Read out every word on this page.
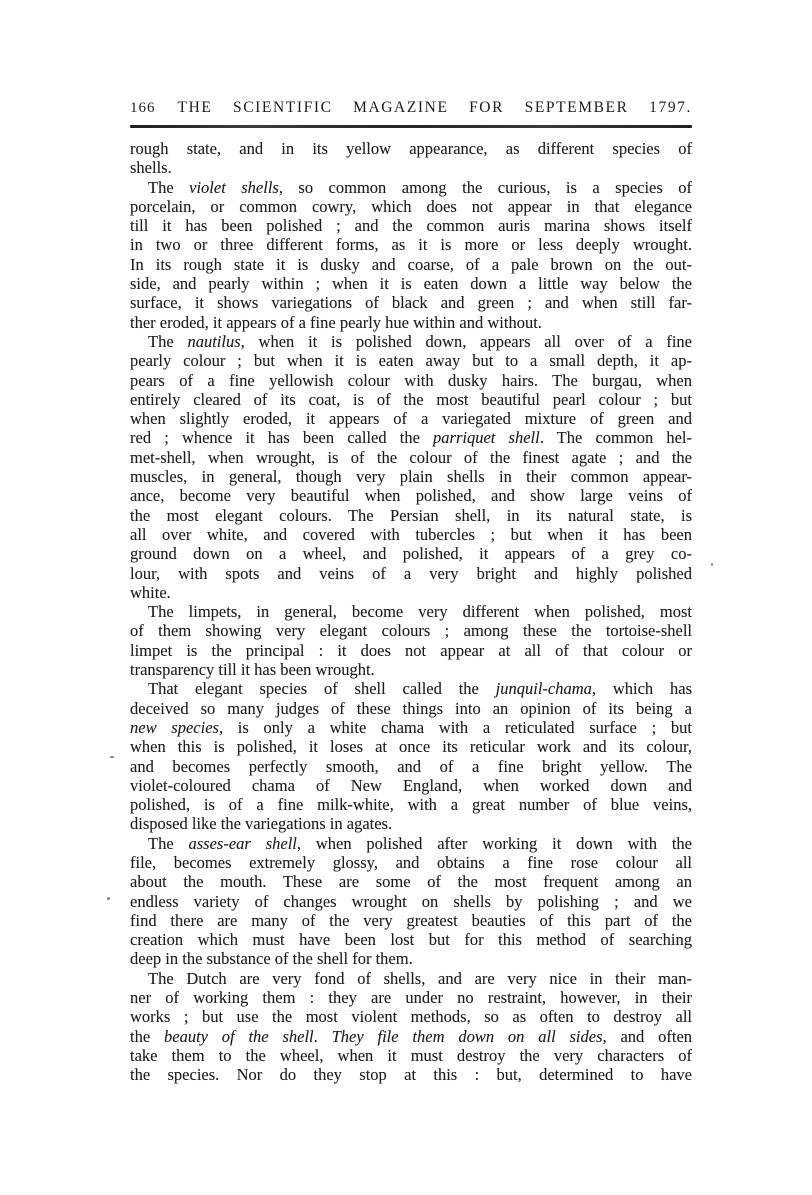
166 THE SCIENTIFIC MAGAZINE FOR SEPTEMBER 1797.
rough state, and in its yellow appearance, as different species of
shells.
The violet shells, so common among the curious, is a species of
porcelain, or common cowry, which does not appear in that elegance
till it has been polished ; and the common auris marina shows itself
in two or three different forms, as it is more or less deeply wrought.
In its rough state it is dusky and coarse, of a pale brown on the out-
side, and pearly within ; when it is eaten down a little way below the
surface, it shows variegations of black and green ; and when still far-
ther eroded, it appears of a fine pearly hue within and without.
The nautilus, when it is polished down, appears all over of a fine
pearly colour ; but when it is eaten away but to a small depth, it ap-
pears of a fine yellowish colour with dusky hairs. The burgau, when
entirely cleared of its coat, is of the most beautiful pearl colour ; but
when slightly eroded, it appears of a variegated mixture of green and
red ; whence it has been called the parriquet shell. The common hel-
met-shell, when wrought, is of the colour of the finest agate ; and the
muscles, in general, though very plain shells in their common appear-
ance, become very beautiful when polished, and show large veins of
the most elegant colours. The Persian shell, in its natural state, is
all over white, and covered with tubercles ; but when it has been
ground down on a wheel, and polished, it appears of a grey co-
lour, with spots and veins of a very bright and highly polished
white.
The limpets, in general, become very different when polished, most
of them showing very elegant colours ; among these the tortoise-shell
limpet is the principal : it does not appear at all of that colour or
transparency till it has been wrought.
That elegant species of shell called the junquil-chama, which has
deceived so many judges of these things into an opinion of its being a
new species, is only a white chama with a reticulated surface ; but
when this is polished, it loses at once its reticular work and its colour,
and becomes perfectly smooth, and of a fine bright yellow. The
violet-coloured chama of New England, when worked down and
polished, is of a fine milk-white, with a great number of blue veins,
disposed like the variegations in agates.
The asses-ear shell, when polished after working it down with the
file, becomes extremely glossy, and obtains a fine rose colour all
about the mouth. These are some of the most frequent among an
endless variety of changes wrought on shells by polishing ; and we
find there are many of the very greatest beauties of this part of the
creation which must have been lost but for this method of searching
deep in the substance of the shell for them.
The Dutch are very fond of shells, and are very nice in their man-
ner of working them : they are under no restraint, however, in their
works ; but use the most violent methods, so as often to destroy all
the beauty of the shell. They file them down on all sides, and often
take them to the wheel, when it must destroy the very characters of
the species. Nor do they stop at this : but, determined to have
